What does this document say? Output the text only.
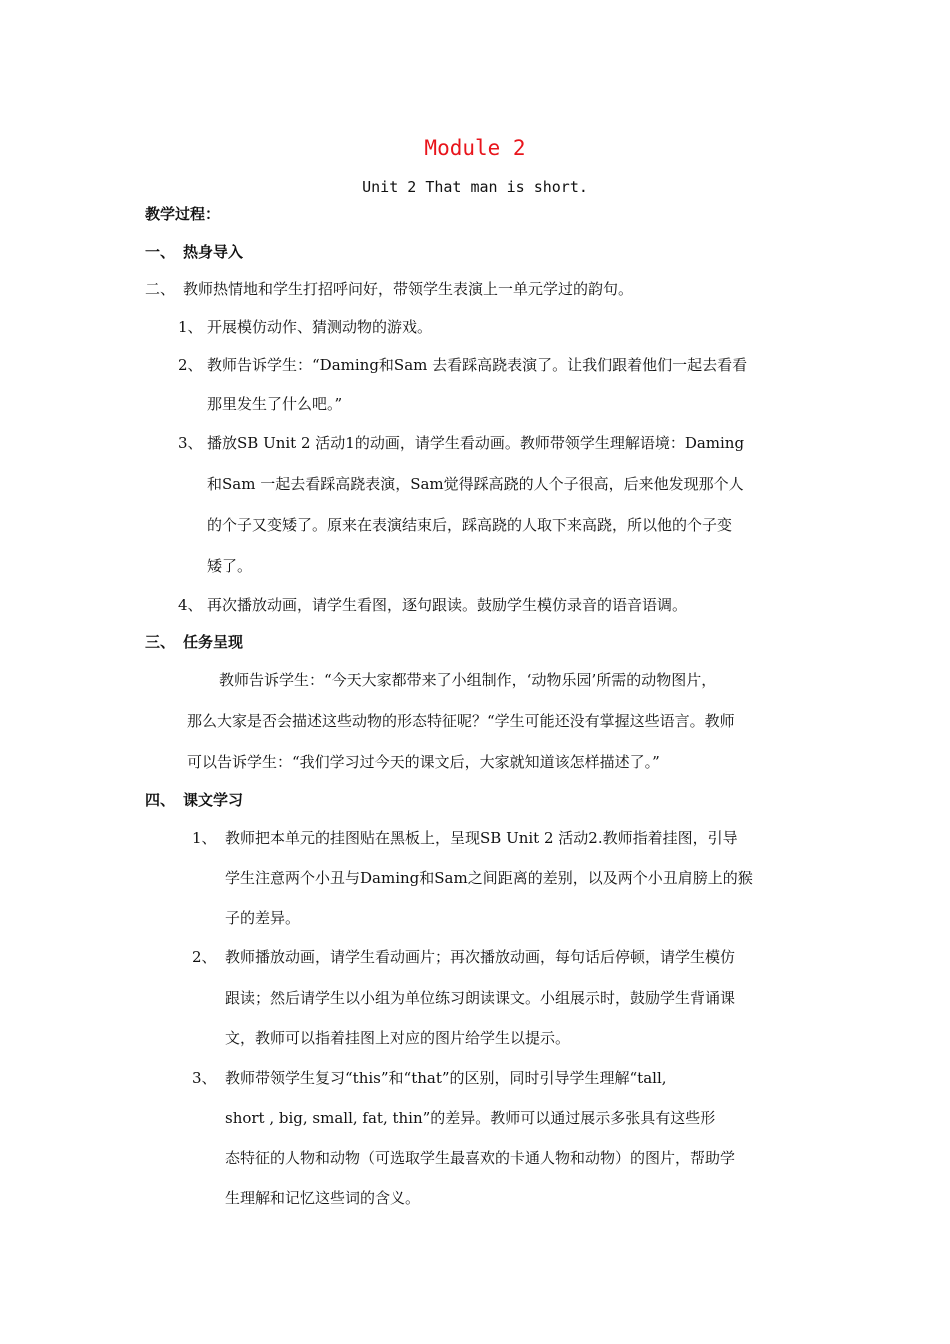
Module 2
Unit 2 That man is short.
教学过程：
一、 热身导入
二、 教师热情地和学生打招呼问好，带领学生表演上一单元学过的韵句。
1、 开展模仿动作、猜测动物的游戏。
2、 教师告诉学生：“Daming和Sam 去看踩高跷表演了。让我们跟着他们一起去看看
那里发生了什么吧。”
3、 播放SB Unit 2 活动1的动画，请学生看动画。教师带领学生理解语境：Daming
和Sam 一起去看踩高跷表演，Sam觉得踩高跷的人个子很高，后来他发现那个人
的个子又变矮了。原来在表演结束后，踩高跷的人取下来高跷，所以他的个子变
矮了。
4、 再次播放动画，请学生看图，逐句跟读。鼓励学生模仿录音的语音语调。
三、 任务呈现
教师告诉学生：“今天大家都带来了小组制作，‘动物乐园’所需的动物图片，
那么大家是否会描述这些动物的形态特征呢？“学生可能还没有掌握这些语言。教师
可以告诉学生：“我们学习过今天的课文后，大家就知道该怎样描述了。”
四、 课文学习
1、 教师把本单元的挂图贴在黑板上，呈现SB Unit 2 活动2.教师指着挂图，引导
学生注意两个小丑与Daming和Sam之间距离的差别，以及两个小丑肩膀上的猴
子的差异。
2、 教师播放动画，请学生看动画片；再次播放动画，每句话后停顿，请学生模仿
跟读；然后请学生以小组为单位练习朗读课文。小组展示时，鼓励学生背诵课
文，教师可以指着挂图上对应的图片给学生以提示。
3、 教师带领学生复习“this”和“that”的区别，同时引导学生理解“tall,
short , big, small, fat, thin”的差异。教师可以通过展示多张具有这些形
态特征的人物和动物（可选取学生最喜欢的卡通人物和动物）的图片，帮助学
生理解和记忆这些词的含义。
